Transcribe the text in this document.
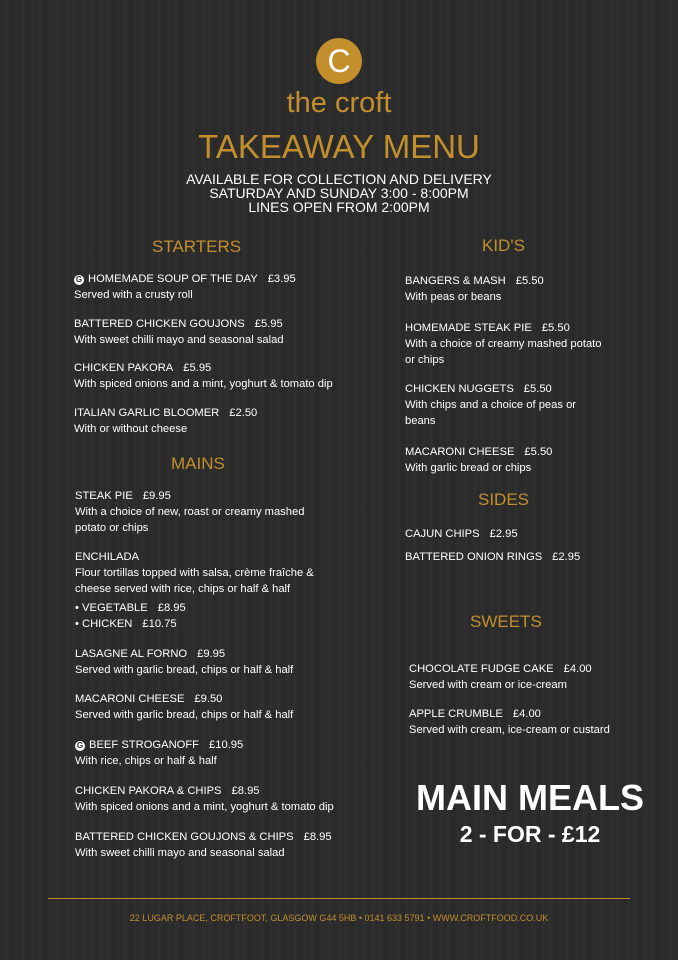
C
the croft
TAKEAWAY MENU
AVAILABLE FOR COLLECTION AND DELIVERY
SATURDAY AND SUNDAY 3:00 - 8:00PM
LINES OPEN FROM 2:00PM
STARTERS
G HOMEMADE SOUP OF THE DAY £3.95
Served with a crusty roll
BATTERED CHICKEN GOUJONS £5.95
With sweet chilli mayo and seasonal salad
CHICKEN PAKORA £5.95
With spiced onions and a mint, yoghurt & tomato dip
ITALIAN GARLIC BLOOMER £2.50
With or without cheese
MAINS
STEAK PIE £9.95
With a choice of new, roast or creamy mashed
potato or chips
ENCHILADA
Flour tortillas topped with salsa, crème fraîche &
cheese served with rice, chips or half & half
• VEGETABLE £8.95
• CHICKEN £10.75
LASAGNE AL FORNO £9.95
Served with garlic bread, chips or half & half
MACARONI CHEESE £9.50
Served with garlic bread, chips or half & half
G BEEF STROGANOFF £10.95
With rice, chips or half & half
CHICKEN PAKORA & CHIPS £8.95
With spiced onions and a mint, yoghurt & tomato dip
BATTERED CHICKEN GOUJONS & CHIPS £8.95
With sweet chilli mayo and seasonal salad
KID'S
BANGERS & MASH £5.50
With peas or beans
HOMEMADE STEAK PIE £5.50
With a choice of creamy mashed potato
or chips
CHICKEN NUGGETS £5.50
With chips and a choice of peas or
beans
MACARONI CHEESE £5.50
With garlic bread or chips
SIDES
CAJUN CHIPS £2.95
BATTERED ONION RINGS £2.95
SWEETS
CHOCOLATE FUDGE CAKE £4.00
Served with cream or ice-cream
APPLE CRUMBLE £4.00
Served with cream, ice-cream or custard
MAIN MEALS
2 - FOR - £12
22 LUGAR PLACE, CROFTFOOT, GLASGOW G44 5HB • 0141 633 5791 • WWW.CROFTFOOD.CO.UK
